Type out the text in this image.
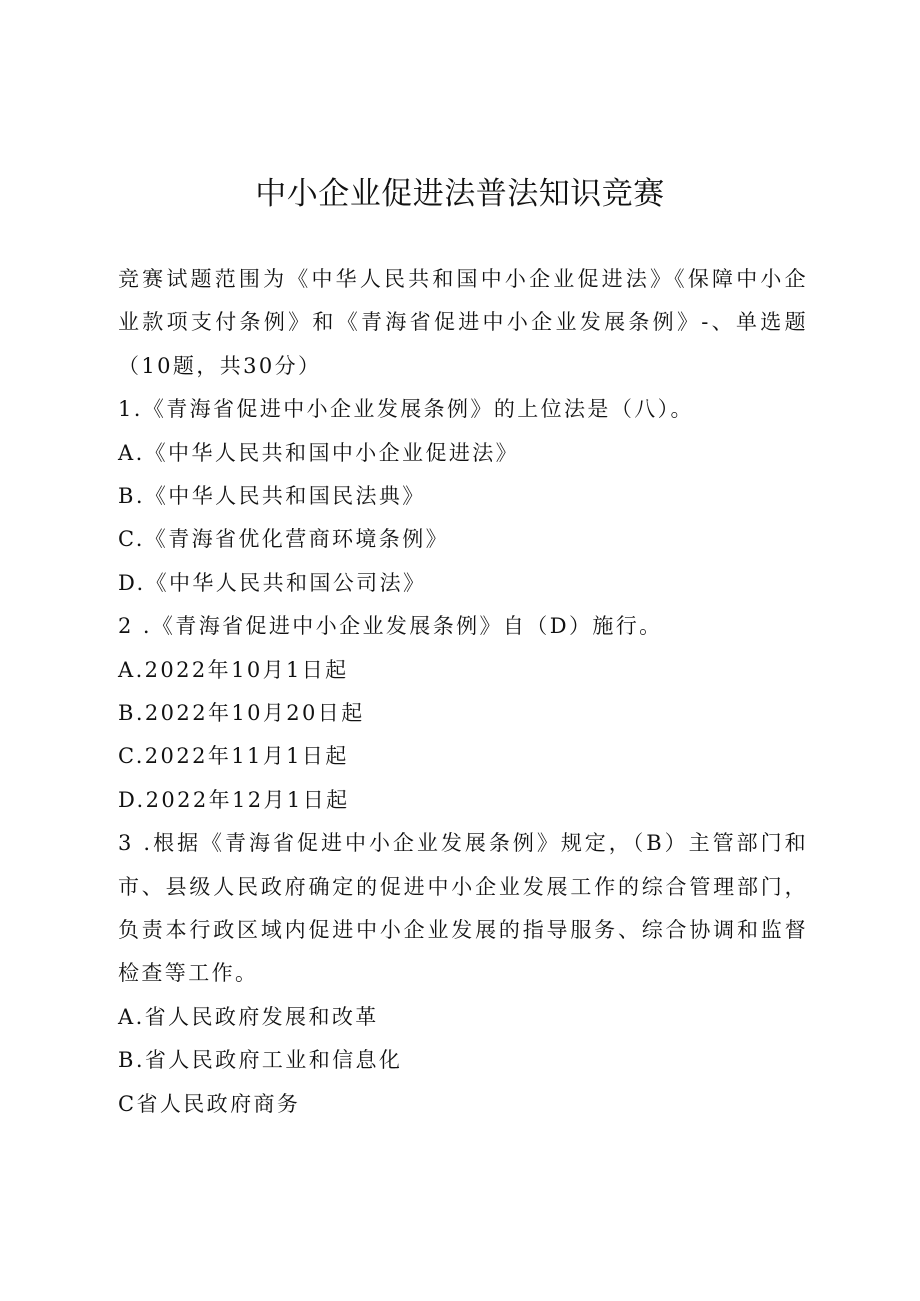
中小企业促进法普法知识竞赛
竞赛试题范围为《中华人民共和国中小企业促进法》《保障中小企业款项支付条例》和《青海省促进中小企业发展条例》-、单选题（10题，共30分）
1.《青海省促进中小企业发展条例》的上位法是（八）。
A.《中华人民共和国中小企业促进法》
B.《中华人民共和国民法典》
C.《青海省优化营商环境条例》
D.《中华人民共和国公司法》
2 .《青海省促进中小企业发展条例》自（D）施行。
A.2022年10月1日起
B.2022年10月20日起
C.2022年11月1日起
D.2022年12月1日起
3 .根据《青海省促进中小企业发展条例》规定，（B）主管部门和市、县级人民政府确定的促进中小企业发展工作的综合管理部门，负责本行政区域内促进中小企业发展的指导服务、综合协调和监督检查等工作。
A.省人民政府发展和改革
B.省人民政府工业和信息化
C省人民政府商务
